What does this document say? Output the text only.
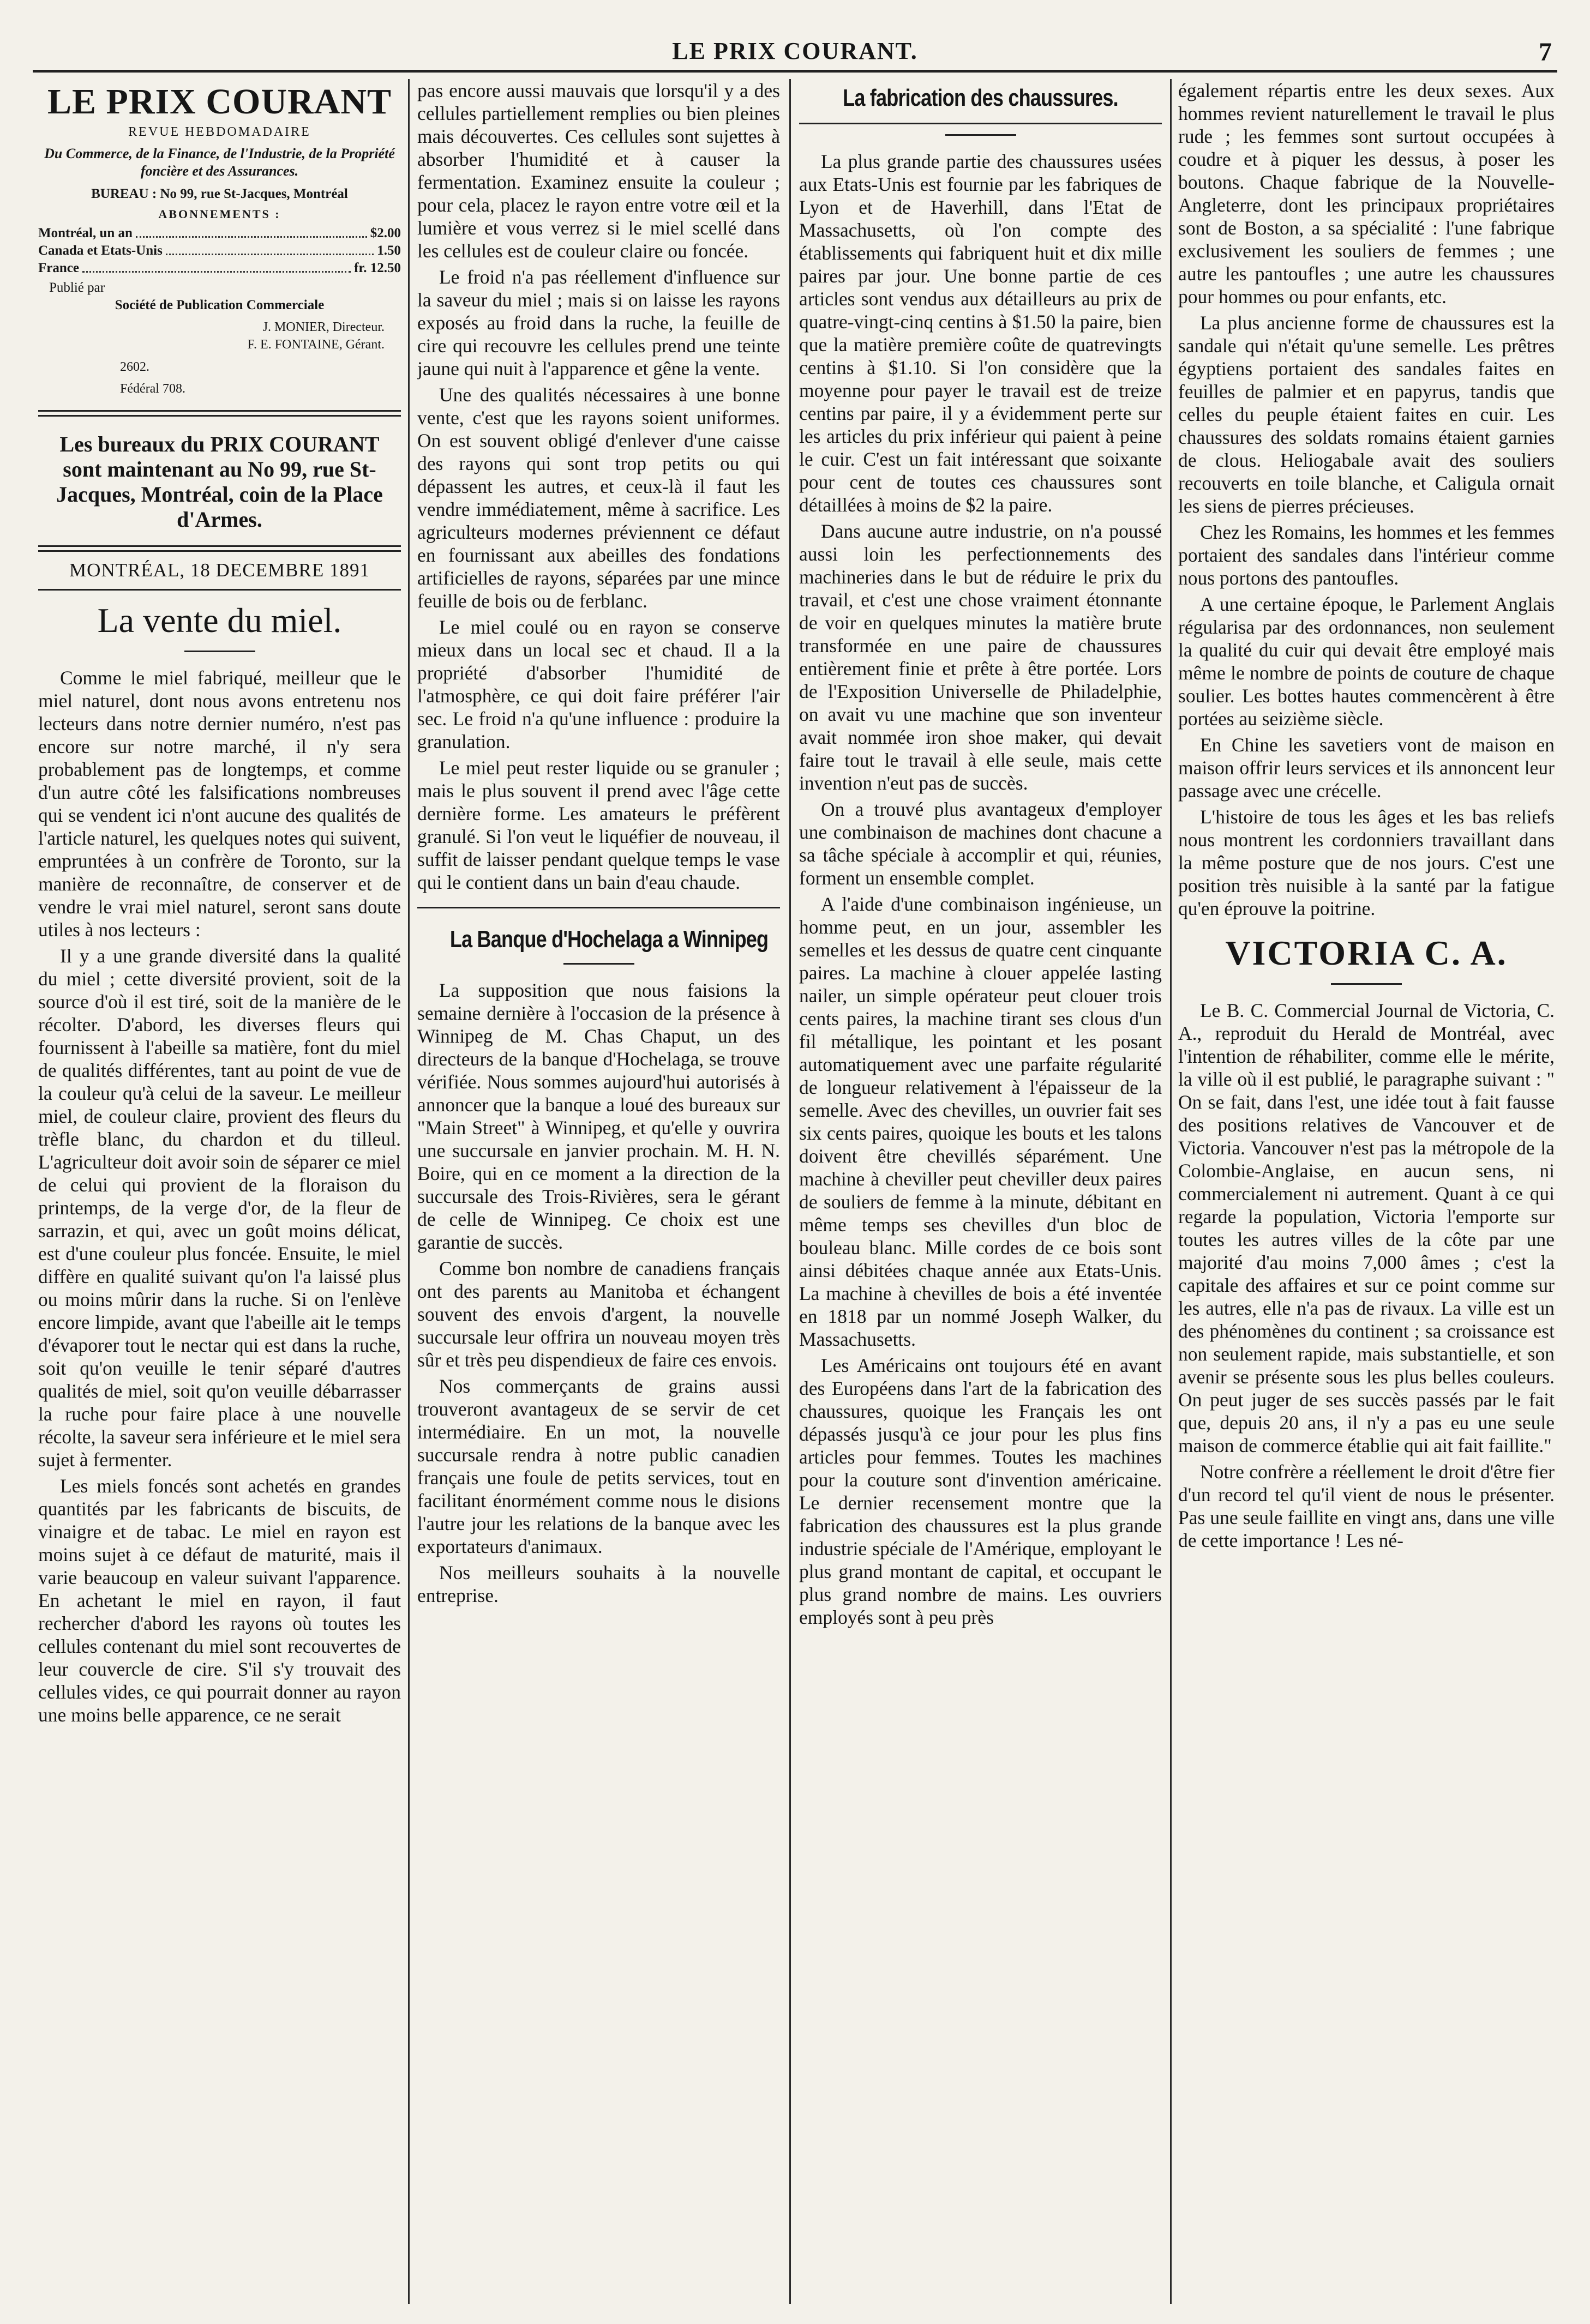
LE PRIX COURANT.	7
LE PRIX COURANT
REVUE HEBDOMADAIRE
Du Commerce, de la Finance, de l'Industrie, de la Propriété foncière et des Assurances.
BUREAU : No 99, rue St-Jacques, Montréal
ABONNEMENTS :
Montréal, un an	$2.00
Canada et Etats-Unis	1.50
France	fr. 12.50
Publié par
Société de Publication Commerciale
J. MONIER, Directeur.
F. E. FONTAINE, Gérant.
2602.
Fédéral 708.
Les bureaux du PRIX COURANT sont maintenant au No 99, rue St-Jacques, Montréal, coin de la Place d'Armes.
MONTRÉAL, 18 DECEMBRE 1891
La vente du miel.

Comme le miel fabriqué, meilleur que le miel naturel, dont nous avons entretenu nos lecteurs dans notre dernier numéro, n'est pas encore sur notre marché, il n'y sera probablement pas de longtemps, et comme d'un autre côté les falsifications nombreuses qui se vendent ici n'ont aucune des qualités de l'article naturel, les quelques notes qui suivent, empruntées à un confrère de Toronto, sur la manière de reconnaître, de conserver et de vendre le vrai miel naturel, seront sans doute utiles à nos lecteurs :

Il y a une grande diversité dans la qualité du miel ; cette diversité provient, soit de la source d'où il est tiré, soit de la manière de le récolter. D'abord, les diverses fleurs qui fournissent à l'abeille sa matière, font du miel de qualités différentes, tant au point de vue de la couleur qu'à celui de la saveur. Le meilleur miel, de couleur claire, provient des fleurs du trèfle blanc, du chardon et du tilleul. L'agriculteur doit avoir soin de séparer ce miel de celui qui provient de la floraison du printemps, de la verge d'or, de la fleur de sarrazin, et qui, avec un goût moins délicat, est d'une couleur plus foncée. Ensuite, le miel diffère en qualité suivant qu'on l'a laissé plus ou moins mûrir dans la ruche. Si on l'enlève encore limpide, avant que l'abeille ait le temps d'évaporer tout le nectar qui est dans la ruche, soit qu'on veuille le tenir séparé d'autres qualités de miel, soit qu'on veuille débarrasser la ruche pour faire place à une nouvelle récolte, la saveur sera inférieure et le miel sera sujet à fermenter.

Les miels foncés sont achetés en grandes quantités par les fabricants de biscuits, de vinaigre et de tabac. Le miel en rayon est moins sujet à ce défaut de maturité, mais il varie beaucoup en valeur suivant l'apparence. En achetant le miel en rayon, il faut rechercher d'abord les rayons où toutes les cellules contenant du miel sont recouvertes de leur couvercle de cire. S'il s'y trouvait des cellules vides, ce qui pourrait donner au rayon une moins belle apparence, ce ne serait

pas encore aussi mauvais que lorsqu'il y a des cellules partiellement remplies ou bien pleines mais découvertes. Ces cellules sont sujettes à absorber l'humidité et à causer la fermentation. Examinez ensuite la couleur ; pour cela, placez le rayon entre votre œil et la lumière et vous verrez si le miel scellé dans les cellules est de couleur claire ou foncée.

Le froid n'a pas réellement d'influence sur la saveur du miel ; mais si on laisse les rayons exposés au froid dans la ruche, la feuille de cire qui recouvre les cellules prend une teinte jaune qui nuit à l'apparence et gêne la vente.

Une des qualités nécessaires à une bonne vente, c'est que les rayons soient uniformes. On est souvent obligé d'enlever d'une caisse des rayons qui sont trop petits ou qui dépassent les autres, et ceux-là il faut les vendre immédiatement, même à sacrifice. Les agriculteurs modernes préviennent ce défaut en fournissant aux abeilles des fondations artificielles de rayons, séparées par une mince feuille de bois ou de ferblanc.

Le miel coulé ou en rayon se conserve mieux dans un local sec et chaud. Il a la propriété d'absorber l'humidité de l'atmosphère, ce qui doit faire préférer l'air sec. Le froid n'a qu'une influence : produire la granulation.

Le miel peut rester liquide ou se granuler ; mais le plus souvent il prend avec l'âge cette dernière forme. Les amateurs le préfèrent granulé. Si l'on veut le liquéfier de nouveau, il suffit de laisser pendant quelque temps le vase qui le contient dans un bain d'eau chaude.

La Banque d'Hochelaga a Winnipeg

La supposition que nous faisions la semaine dernière à l'occasion de la présence à Winnipeg de M. Chas Chaput, un des directeurs de la banque d'Hochelaga, se trouve vérifiée. Nous sommes aujourd'hui autorisés à annoncer que la banque a loué des bureaux sur "Main Street" à Winnipeg, et qu'elle y ouvrira une succursale en janvier prochain. M. H. N. Boire, qui en ce moment a la direction de la succursale des Trois-Rivières, sera le gérant de celle de Winnipeg. Ce choix est une garantie de succès.

Comme bon nombre de canadiens français ont des parents au Manitoba et échangent souvent des envois d'argent, la nouvelle succursale leur offrira un nouveau moyen très sûr et très peu dispendieux de faire ces envois.

Nos commerçants de grains aussi trouveront avantageux de se servir de cet intermédiaire. En un mot, la nouvelle succursale rendra à notre public canadien français une foule de petits services, tout en facilitant énormément comme nous le disions l'autre jour les relations de la banque avec les exportateurs d'animaux.

Nos meilleurs souhaits à la nouvelle entreprise.

La fabrication des chaussures.

La plus grande partie des chaussures usées aux Etats-Unis est fournie par les fabriques de Lyon et de Haverhill, dans l'Etat de Massachusetts, où l'on compte des établissements qui fabriquent huit et dix mille paires par jour. Une bonne partie de ces articles sont vendus aux détailleurs au prix de quatre-vingt-cinq centins à $1.50 la paire, bien que la matière première coûte de quatrevingts centins à $1.10. Si l'on considère que la moyenne pour payer le travail est de treize centins par paire, il y a évidemment perte sur les articles du prix inférieur qui paient à peine le cuir. C'est un fait intéressant que soixante pour cent de toutes ces chaussures sont détaillées à moins de $2 la paire.

Dans aucune autre industrie, on n'a poussé aussi loin les perfectionnements des machineries dans le but de réduire le prix du travail, et c'est une chose vraiment étonnante de voir en quelques minutes la matière brute transformée en une paire de chaussures entièrement finie et prête à être portée. Lors de l'Exposition Universelle de Philadelphie, on avait vu une machine que son inventeur avait nommée iron shoe maker, qui devait faire tout le travail à elle seule, mais cette invention n'eut pas de succès.

On a trouvé plus avantageux d'employer une combinaison de machines dont chacune a sa tâche spéciale à accomplir et qui, réunies, forment un ensemble complet.

A l'aide d'une combinaison ingénieuse, un homme peut, en un jour, assembler les semelles et les dessus de quatre cent cinquante paires. La machine à clouer appelée lasting nailer, un simple opérateur peut clouer trois cents paires, la machine tirant ses clous d'un fil métallique, les pointant et les posant automatiquement avec une parfaite régularité de longueur relativement à l'épaisseur de la semelle. Avec des chevilles, un ouvrier fait ses six cents paires, quoique les bouts et les talons doivent être chevillés séparément. Une machine à cheviller peut cheviller deux paires de souliers de femme à la minute, débitant en même temps ses chevilles d'un bloc de bouleau blanc. Mille cordes de ce bois sont ainsi débitées chaque année aux Etats-Unis. La machine à chevilles de bois a été inventée en 1818 par un nommé Joseph Walker, du Massachusetts.

Les Américains ont toujours été en avant des Européens dans l'art de la fabrication des chaussures, quoique les Français les ont dépassés jusqu'à ce jour pour les plus fins articles pour femmes. Toutes les machines pour la couture sont d'invention américaine. Le dernier recensement montre que la fabrication des chaussures est la plus grande industrie spéciale de l'Amérique, employant le plus grand montant de capital, et occupant le plus grand nombre de mains. Les ouvriers employés sont à peu près

également répartis entre les deux sexes. Aux hommes revient naturellement le travail le plus rude ; les femmes sont surtout occupées à coudre et à piquer les dessus, à poser les boutons. Chaque fabrique de la Nouvelle-Angleterre, dont les principaux propriétaires sont de Boston, a sa spécialité : l'une fabrique exclusivement les souliers de femmes ; une autre les pantoufles ; une autre les chaussures pour hommes ou pour enfants, etc.

La plus ancienne forme de chaussures est la sandale qui n'était qu'une semelle. Les prêtres égyptiens portaient des sandales faites en feuilles de palmier et en papyrus, tandis que celles du peuple étaient faites en cuir. Les chaussures des soldats romains étaient garnies de clous. Heliogabale avait des souliers recouverts en toile blanche, et Caligula ornait les siens de pierres précieuses.

Chez les Romains, les hommes et les femmes portaient des sandales dans l'intérieur comme nous portons des pantoufles.

A une certaine époque, le Parlement Anglais régularisa par des ordonnances, non seulement la qualité du cuir qui devait être employé mais même le nombre de points de couture de chaque soulier. Les bottes hautes commencèrent à être portées au seizième siècle.

En Chine les savetiers vont de maison en maison offrir leurs services et ils annoncent leur passage avec une crécelle.

L'histoire de tous les âges et les bas reliefs nous montrent les cordonniers travaillant dans la même posture que de nos jours. C'est une position très nuisible à la santé par la fatigue qu'en éprouve la poitrine.

VICTORIA C. A.

Le B. C. Commercial Journal de Victoria, C. A., reproduit du Herald de Montréal, avec l'intention de réhabiliter, comme elle le mérite, la ville où il est publié, le paragraphe suivant : " On se fait, dans l'est, une idée tout à fait fausse des positions relatives de Vancouver et de Victoria. Vancouver n'est pas la métropole de la Colombie-Anglaise, en aucun sens, ni commercialement ni autrement. Quant à ce qui regarde la population, Victoria l'emporte sur toutes les autres villes de la côte par une majorité d'au moins 7,000 âmes ; c'est la capitale des affaires et sur ce point comme sur les autres, elle n'a pas de rivaux. La ville est un des phénomènes du continent ; sa croissance est non seulement rapide, mais substantielle, et son avenir se présente sous les plus belles couleurs. On peut juger de ses succès passés par le fait que, depuis 20 ans, il n'y a pas eu une seule maison de commerce établie qui ait fait faillite."

Notre confrère a réellement le droit d'être fier d'un record tel qu'il vient de nous le présenter. Pas une seule faillite en vingt ans, dans une ville de cette importance ! Les né-
